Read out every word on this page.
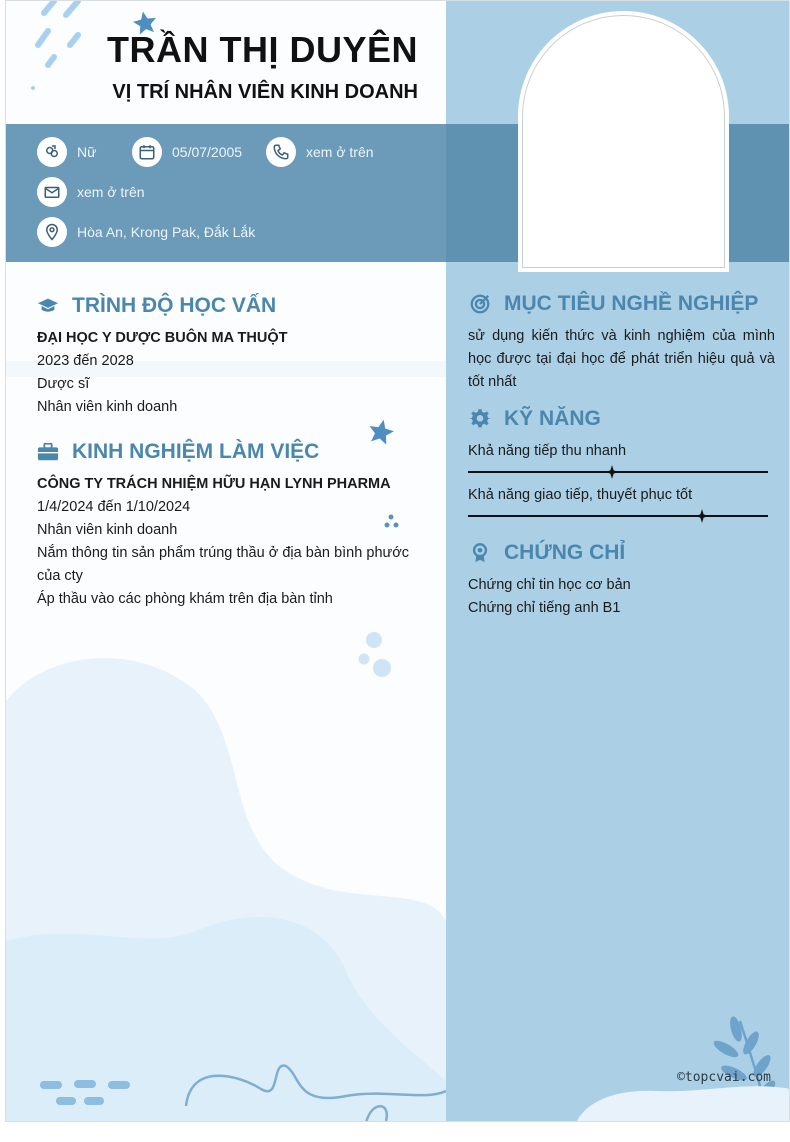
TRẦN THỊ DUYÊN
VỊ TRÍ NHÂN VIÊN KINH DOANH
Nữ	05/07/2005	xem ở trên
xem ở trên
Hòa An, Krong Pak, Đắk Lắk
TRÌNH ĐỘ HỌC VẤN
ĐẠI HỌC Y DƯỢC BUÔN MA THUỘT
2023 đến 2028
Dược sĩ
Nhân viên kinh doanh
KINH NGHIỆM LÀM VIỆC
CÔNG TY TRÁCH NHIỆM HỮU HẠN LYNH PHARMA
1/4/2024 đến 1/10/2024
Nhân viên kinh doanh
Nắm thông tin sản phẩm trúng thầu ở địa bàn bình phước của cty
Áp thầu vào các phòng khám trên địa bàn tỉnh
MỤC TIÊU NGHỀ NGHIỆP
sử dụng kiến thức và kinh nghiệm của mình học được tại đại học để phát triển hiệu quả và tốt nhất
KỸ NĂNG
Khả năng tiếp thu nhanh
Khả năng giao tiếp, thuyết phục tốt
CHỨNG CHỈ
Chứng chỉ tin học cơ bản
Chứng chỉ tiếng anh B1
©topcvai.com
